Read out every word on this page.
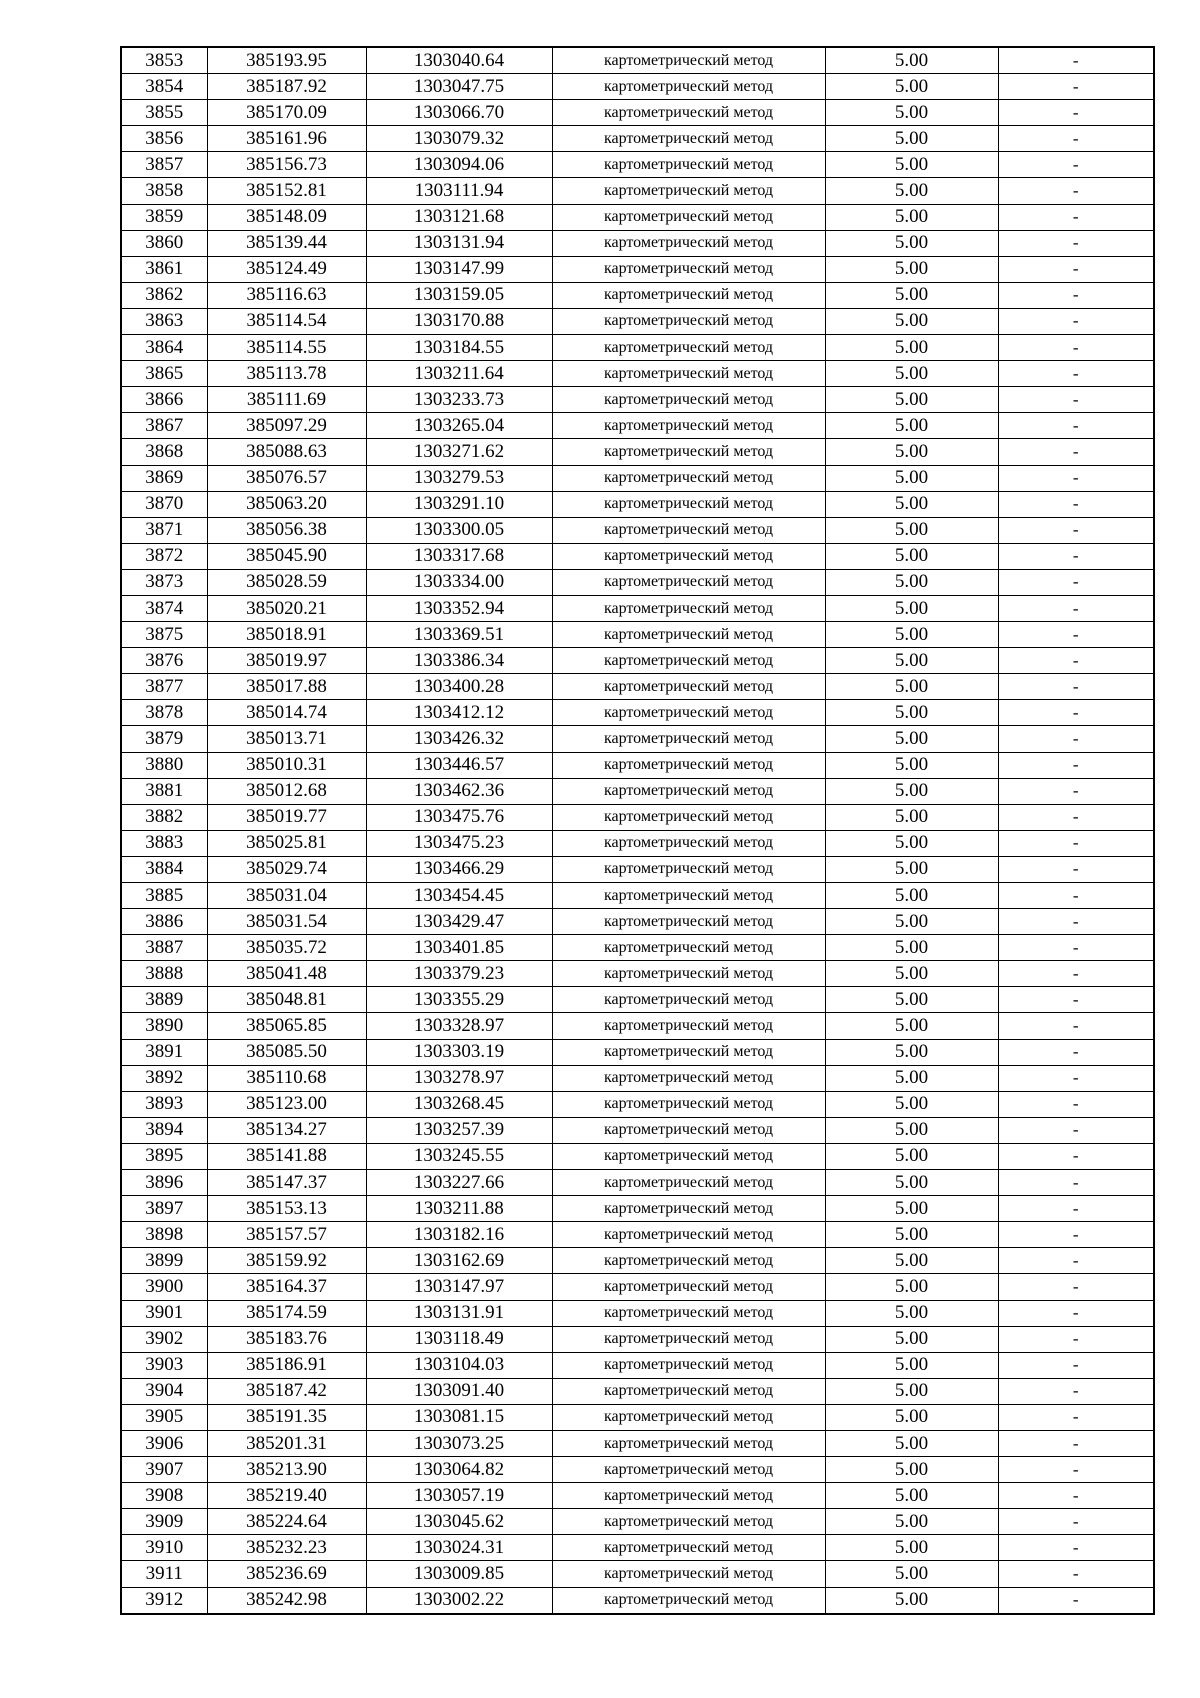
3853	385193.95	1303040.64	картометрический метод	5.00	-
3854	385187.92	1303047.75	картометрический метод	5.00	-
3855	385170.09	1303066.70	картометрический метод	5.00	-
3856	385161.96	1303079.32	картометрический метод	5.00	-
3857	385156.73	1303094.06	картометрический метод	5.00	-
3858	385152.81	1303111.94	картометрический метод	5.00	-
3859	385148.09	1303121.68	картометрический метод	5.00	-
3860	385139.44	1303131.94	картометрический метод	5.00	-
3861	385124.49	1303147.99	картометрический метод	5.00	-
3862	385116.63	1303159.05	картометрический метод	5.00	-
3863	385114.54	1303170.88	картометрический метод	5.00	-
3864	385114.55	1303184.55	картометрический метод	5.00	-
3865	385113.78	1303211.64	картометрический метод	5.00	-
3866	385111.69	1303233.73	картометрический метод	5.00	-
3867	385097.29	1303265.04	картометрический метод	5.00	-
3868	385088.63	1303271.62	картометрический метод	5.00	-
3869	385076.57	1303279.53	картометрический метод	5.00	-
3870	385063.20	1303291.10	картометрический метод	5.00	-
3871	385056.38	1303300.05	картометрический метод	5.00	-
3872	385045.90	1303317.68	картометрический метод	5.00	-
3873	385028.59	1303334.00	картометрический метод	5.00	-
3874	385020.21	1303352.94	картометрический метод	5.00	-
3875	385018.91	1303369.51	картометрический метод	5.00	-
3876	385019.97	1303386.34	картометрический метод	5.00	-
3877	385017.88	1303400.28	картометрический метод	5.00	-
3878	385014.74	1303412.12	картометрический метод	5.00	-
3879	385013.71	1303426.32	картометрический метод	5.00	-
3880	385010.31	1303446.57	картометрический метод	5.00	-
3881	385012.68	1303462.36	картометрический метод	5.00	-
3882	385019.77	1303475.76	картометрический метод	5.00	-
3883	385025.81	1303475.23	картометрический метод	5.00	-
3884	385029.74	1303466.29	картометрический метод	5.00	-
3885	385031.04	1303454.45	картометрический метод	5.00	-
3886	385031.54	1303429.47	картометрический метод	5.00	-
3887	385035.72	1303401.85	картометрический метод	5.00	-
3888	385041.48	1303379.23	картометрический метод	5.00	-
3889	385048.81	1303355.29	картометрический метод	5.00	-
3890	385065.85	1303328.97	картометрический метод	5.00	-
3891	385085.50	1303303.19	картометрический метод	5.00	-
3892	385110.68	1303278.97	картометрический метод	5.00	-
3893	385123.00	1303268.45	картометрический метод	5.00	-
3894	385134.27	1303257.39	картометрический метод	5.00	-
3895	385141.88	1303245.55	картометрический метод	5.00	-
3896	385147.37	1303227.66	картометрический метод	5.00	-
3897	385153.13	1303211.88	картометрический метод	5.00	-
3898	385157.57	1303182.16	картометрический метод	5.00	-
3899	385159.92	1303162.69	картометрический метод	5.00	-
3900	385164.37	1303147.97	картометрический метод	5.00	-
3901	385174.59	1303131.91	картометрический метод	5.00	-
3902	385183.76	1303118.49	картометрический метод	5.00	-
3903	385186.91	1303104.03	картометрический метод	5.00	-
3904	385187.42	1303091.40	картометрический метод	5.00	-
3905	385191.35	1303081.15	картометрический метод	5.00	-
3906	385201.31	1303073.25	картометрический метод	5.00	-
3907	385213.90	1303064.82	картометрический метод	5.00	-
3908	385219.40	1303057.19	картометрический метод	5.00	-
3909	385224.64	1303045.62	картометрический метод	5.00	-
3910	385232.23	1303024.31	картометрический метод	5.00	-
3911	385236.69	1303009.85	картометрический метод	5.00	-
3912	385242.98	1303002.22	картометрический метод	5.00	-
